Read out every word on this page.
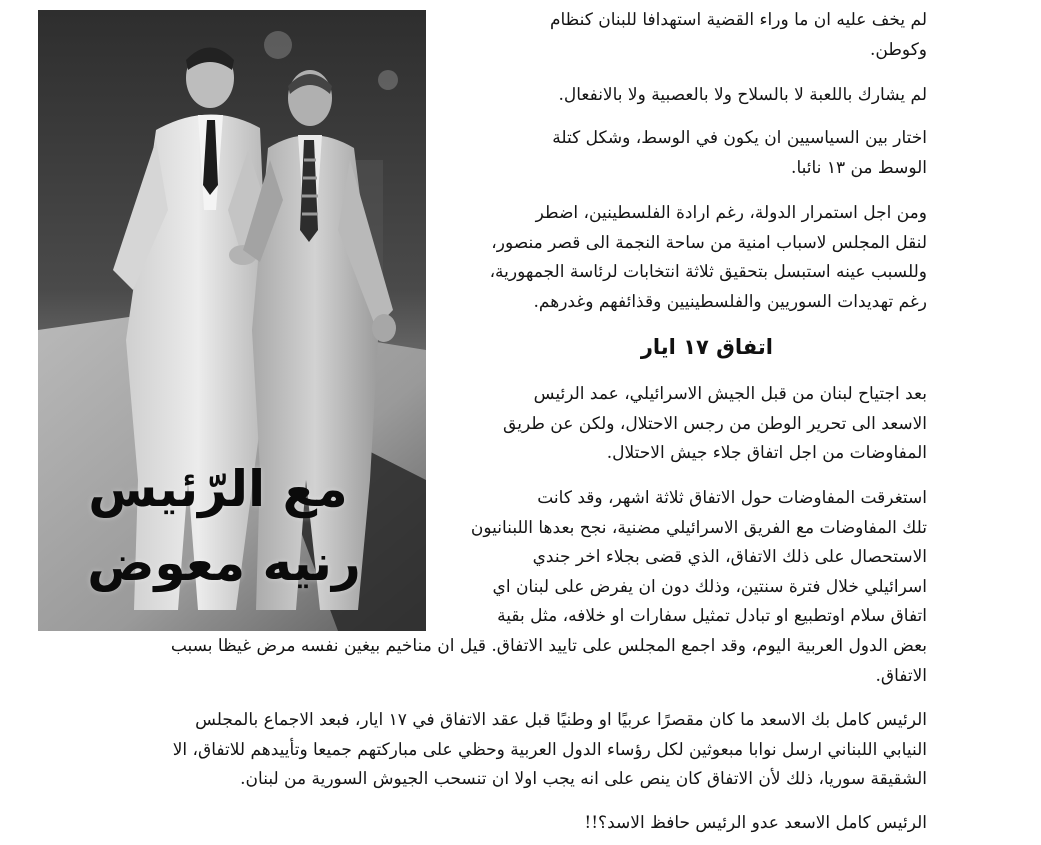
مع الرّئيس
رنيه معوض

لم يخف عليه ان ما وراء القضية استهدافا للبنان كنظام
وكوطن.

لم يشارك باللعبة لا بالسلاح ولا بالعصبية ولا بالانفعال.

اختار بين السياسيين ان يكون في الوسط، وشكل كتلة
الوسط من ١٣ نائبا.

ومن اجل استمرار الدولة، رغم ارادة الفلسطينين، اضطر
لنقل المجلس لاسباب امنية من ساحة النجمة الى قصر منصور،
وللسبب عينه استبسل بتحقيق ثلاثة انتخابات لرئاسة الجمهورية،
رغم تهديدات السوريين والفلسطينيين وقذائفهم وغدرهم.

اتفاق ١٧ ايار

بعد اجتياح لبنان من قبل الجيش الاسرائيلي، عمد الرئيس
الاسعد الى تحرير الوطن من رجس الاحتلال، ولكن عن طريق
المفاوضات من اجل اتفاق جلاء جيش الاحتلال.

استغرقت المفاوضات حول الاتفاق ثلاثة اشهر، وقد كانت
تلك المفاوضات مع الفريق الاسرائيلي مضنية، نجح بعدها اللبنانيون
الاستحصال على ذلك الاتفاق، الذي قضى بجلاء اخر جندي
اسرائيلي خلال فترة سنتين، وذلك دون ان يفرض على لبنان اي
اتفاق سلام اوتطبيع او تبادل تمثيل سفارات او خلافه، مثل بقية

بعض الدول العربية اليوم، وقد اجمع المجلس على تاييد الاتفاق. قيل ان مناخيم بيغين نفسه مرض غيظا بسبب
الاتفاق.

الرئيس كامل بك الاسعد ما كان مقصرًا عربيًا او وطنيًا قبل عقد الاتفاق في ١٧ ايار، فبعد الاجماع بالمجلس
النيابي اللبناني ارسل نوابا مبعوثين لكل رؤساء الدول العربية وحظي على مباركتهم جميعا وتأييدهم للاتفاق، الا
الشقيقة سوريا، ذلك لأن الاتفاق كان ينص على انه يجب اولا ان تنسحب الجيوش السورية من لبنان.

الرئيس كامل الاسعد عدو الرئيس حافظ الاسد؟!!
